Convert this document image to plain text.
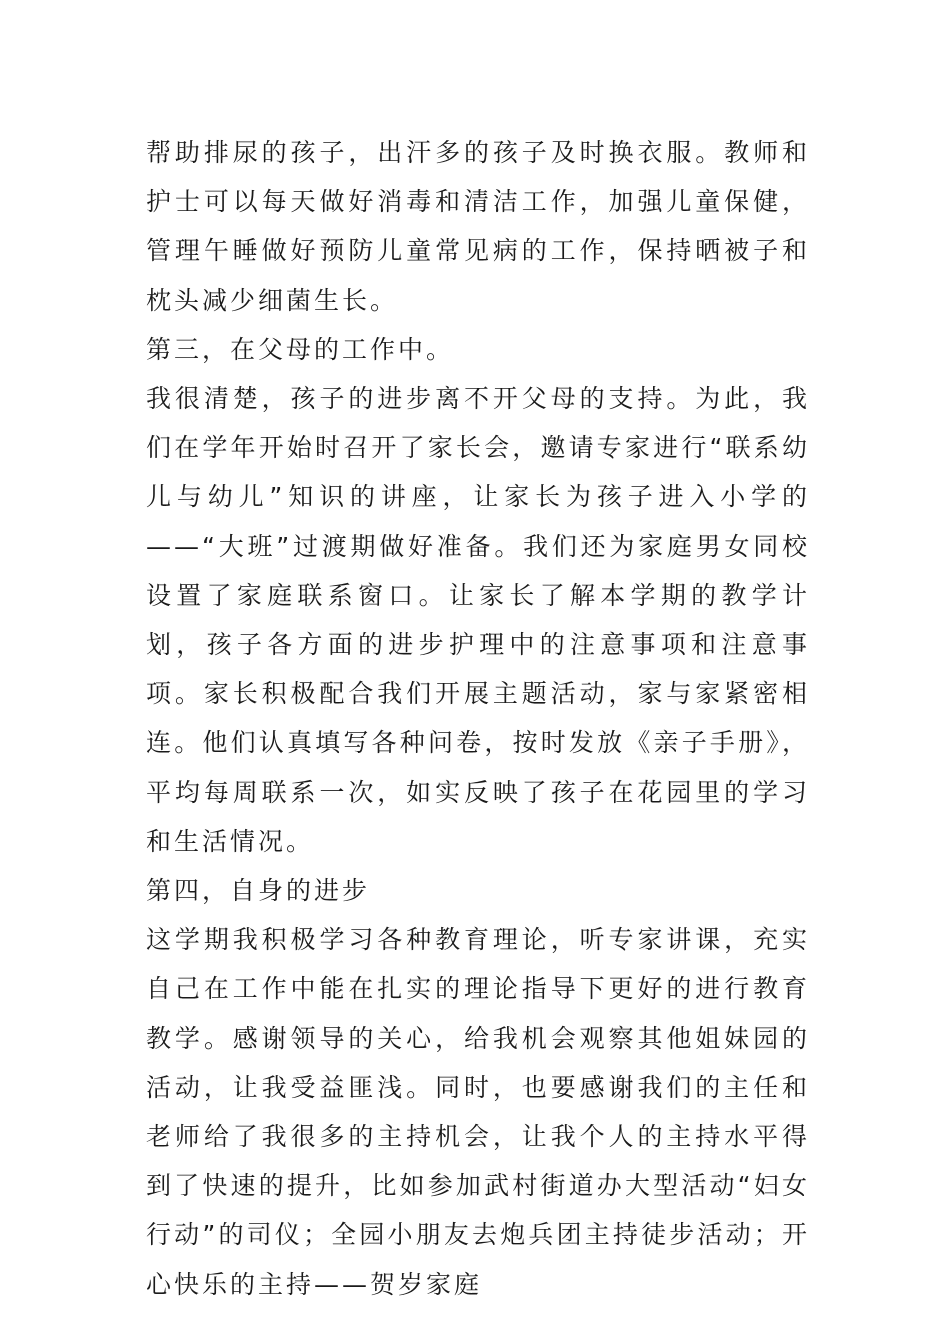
帮助排尿的孩子，出汗多的孩子及时换衣服。教师和护士可以每天做好消毒和清洁工作，加强儿童保健，管理午睡做好预防儿童常见病的工作，保持晒被子和枕头减少细菌生长。

第三，在父母的工作中。

我很清楚，孩子的进步离不开父母的支持。为此，我们在学年开始时召开了家长会，邀请专家进行“联系幼儿与幼儿”知识的讲座，让家长为孩子进入小学的——“大班”过渡期做好准备。我们还为家庭男女同校设置了家庭联系窗口。让家长了解本学期的教学计划，孩子各方面的进步护理中的注意事项和注意事项。家长积极配合我们开展主题活动，家与家紧密相连。他们认真填写各种问卷，按时发放《亲子手册》，平均每周联系一次，如实反映了孩子在花园里的学习和生活情况。

第四，自身的进步

这学期我积极学习各种教育理论，听专家讲课，充实自己在工作中能在扎实的理论指导下更好的进行教育教学。感谢领导的关心，给我机会观察其他姐妹园的活动，让我受益匪浅。同时，也要感谢我们的主任和老师给了我很多的主持机会，让我个人的主持水平得到了快速的提升，比如参加武村街道办大型活动“妇女行动”的司仪；全园小朋友去炮兵团主持徒步活动；开心快乐的主持——贺岁家庭
